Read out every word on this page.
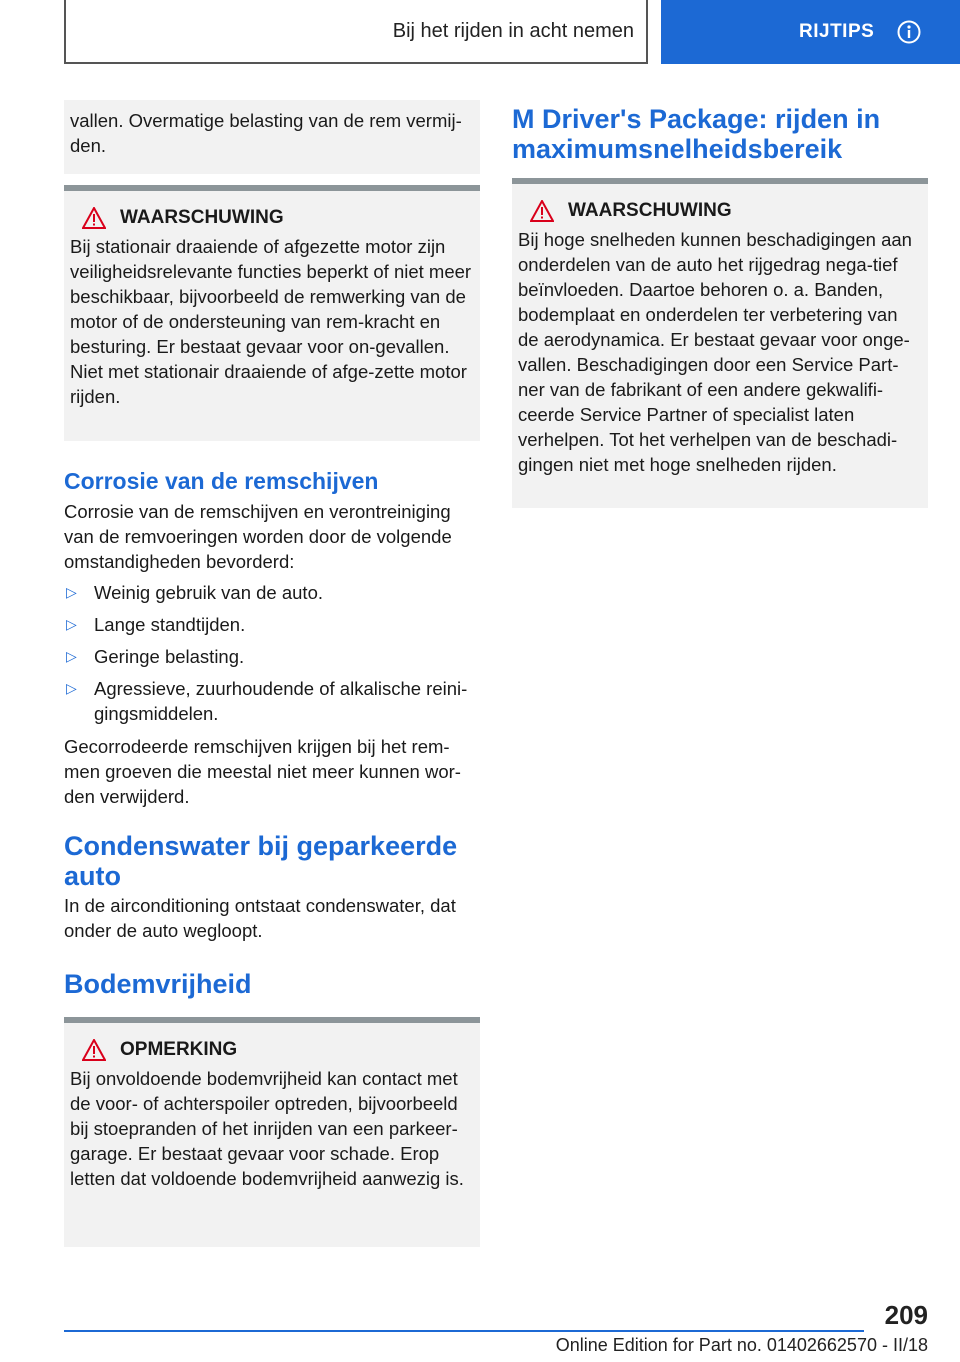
Bij het rijden in acht nemen	RIJTIPS

vallen. Overmatige belasting van de rem vermij-den.

WAARSCHUWING

Bij stationair draaiende of afgezette motor zijn veiligheidsrelevante functies beperkt of niet meer beschikbaar, bijvoorbeeld de remwerking van de motor of de ondersteuning van rem-kracht en besturing. Er bestaat gevaar voor on-gevallen. Niet met stationair draaiende of afge-zette motor rijden.

Corrosie van de remschijven

Corrosie van de remschijven en verontreiniging van de remvoeringen worden door de volgende omstandigheden bevorderd:

▷ Weinig gebruik van de auto.
▷ Lange standtijden.
▷ Geringe belasting.
▷ Agressieve, zuurhoudende of alkalische reini-gingsmiddelen.

Gecorrodeerde remschijven krijgen bij het rem-men groeven die meestal niet meer kunnen wor-den verwijderd.

Condenswater bij geparkeerde auto

In de airconditioning ontstaat condenswater, dat onder de auto wegloopt.

Bodemvrijheid
OPMERKING

Bij onvoldoende bodemvrijheid kan contact met de voor- of achterspoiler optreden, bijvoorbeeld bij stoepranden of het inrijden van een parkeer-garage. Er bestaat gevaar voor schade. Erop letten dat voldoende bodemvrijheid aanwezig is.

M Driver's Package: rijden in maximumsnelheidsbereik
WAARSCHUWING

Bij hoge snelheden kunnen beschadigingen aan onderdelen van de auto het rijgedrag nega-tief beïnvloeden. Daartoe behoren o. a. Banden, bodemplaat en onderdelen ter verbetering van de aerodynamica. Er bestaat gevaar voor onge-vallen. Beschadigingen door een Service Part-ner van de fabrikant of een andere gekwalifi-ceerde Service Partner of specialist laten verhelpen. Tot het verhelpen van de beschadi-gingen niet met hoge snelheden rijden.

209
Online Edition for Part no. 01402662570 - II/18
